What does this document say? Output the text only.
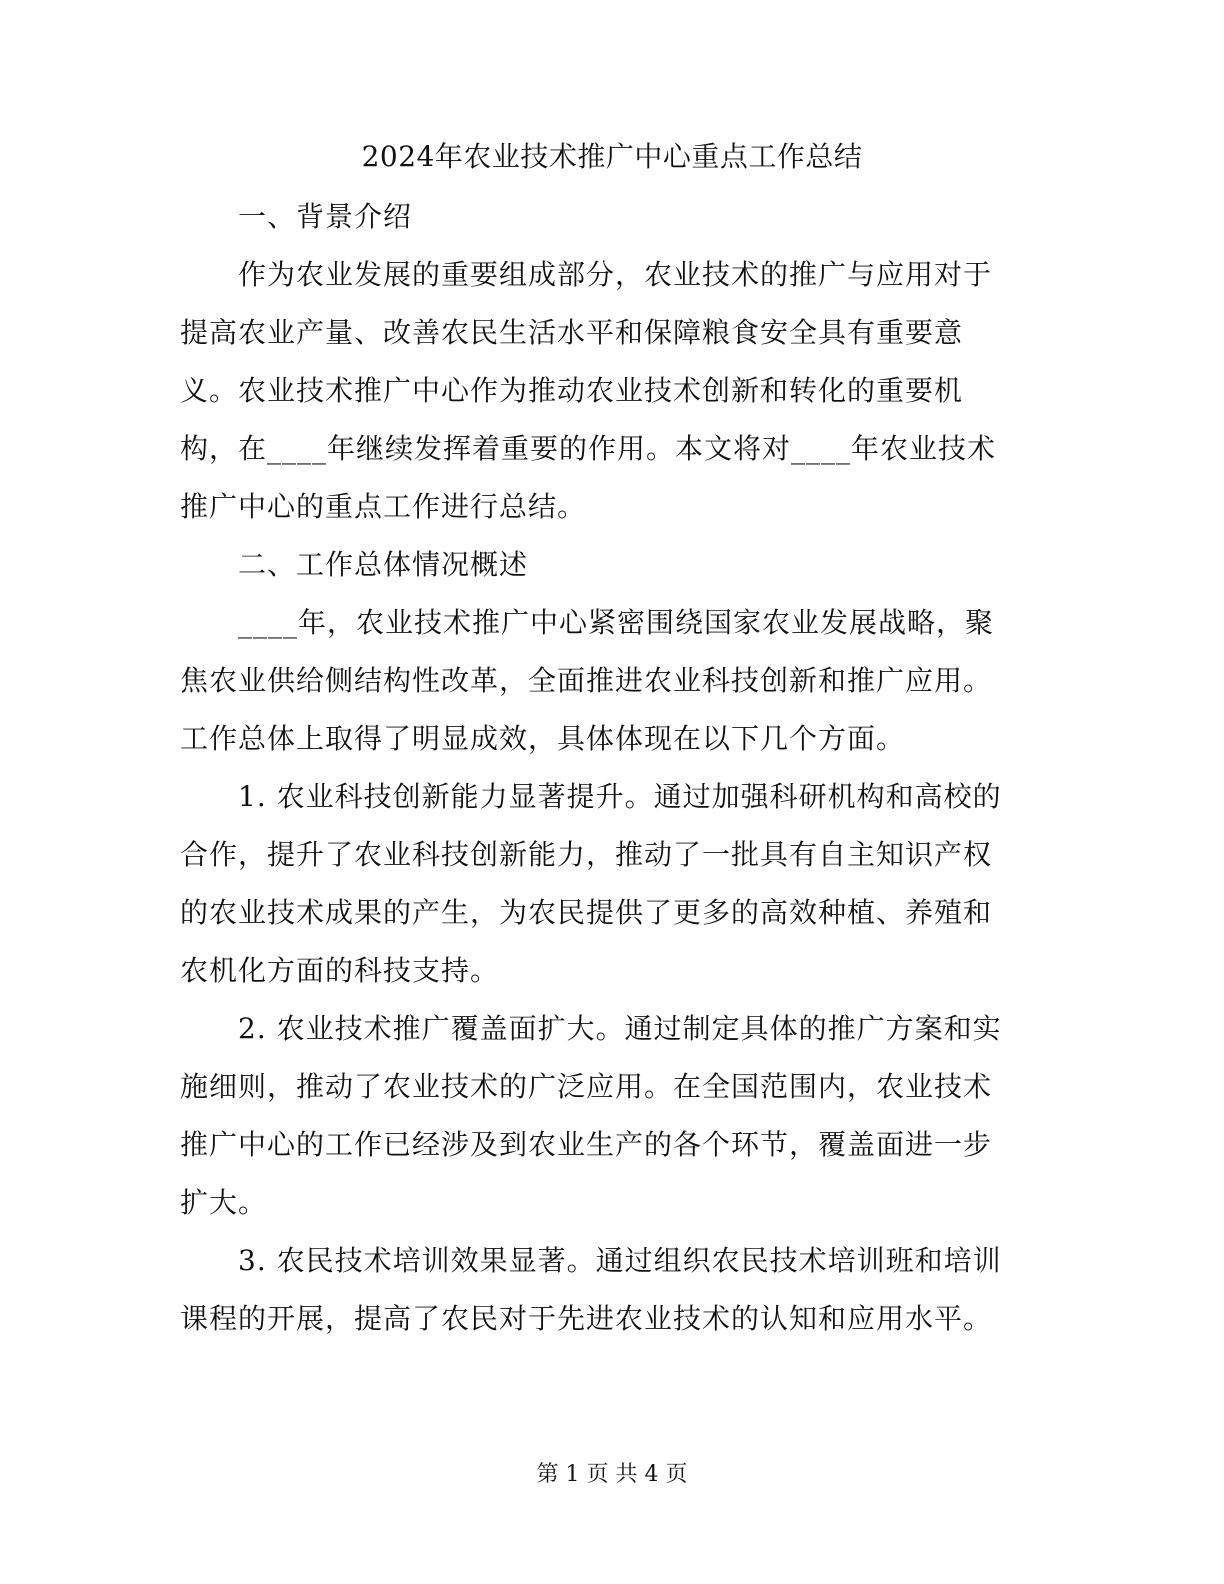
2024年农业技术推广中心重点工作总结
一、背景介绍
作为农业发展的重要组成部分，农业技术的推广与应用对于
提高农业产量、改善农民生活水平和保障粮食安全具有重要意
义。农业技术推广中心作为推动农业技术创新和转化的重要机
构，在____年继续发挥着重要的作用。本文将对____年农业技术
推广中心的重点工作进行总结。
二、工作总体情况概述
____年，农业技术推广中心紧密围绕国家农业发展战略，聚
焦农业供给侧结构性改革，全面推进农业科技创新和推广应用。
工作总体上取得了明显成效，具体体现在以下几个方面。
1. 农业科技创新能力显著提升。通过加强科研机构和高校的
合作，提升了农业科技创新能力，推动了一批具有自主知识产权
的农业技术成果的产生，为农民提供了更多的高效种植、养殖和
农机化方面的科技支持。
2. 农业技术推广覆盖面扩大。通过制定具体的推广方案和实
施细则，推动了农业技术的广泛应用。在全国范围内，农业技术
推广中心的工作已经涉及到农业生产的各个环节，覆盖面进一步
扩大。
3. 农民技术培训效果显著。通过组织农民技术培训班和培训
课程的开展，提高了农民对于先进农业技术的认知和应用水平。
第 1 页 共 4 页
